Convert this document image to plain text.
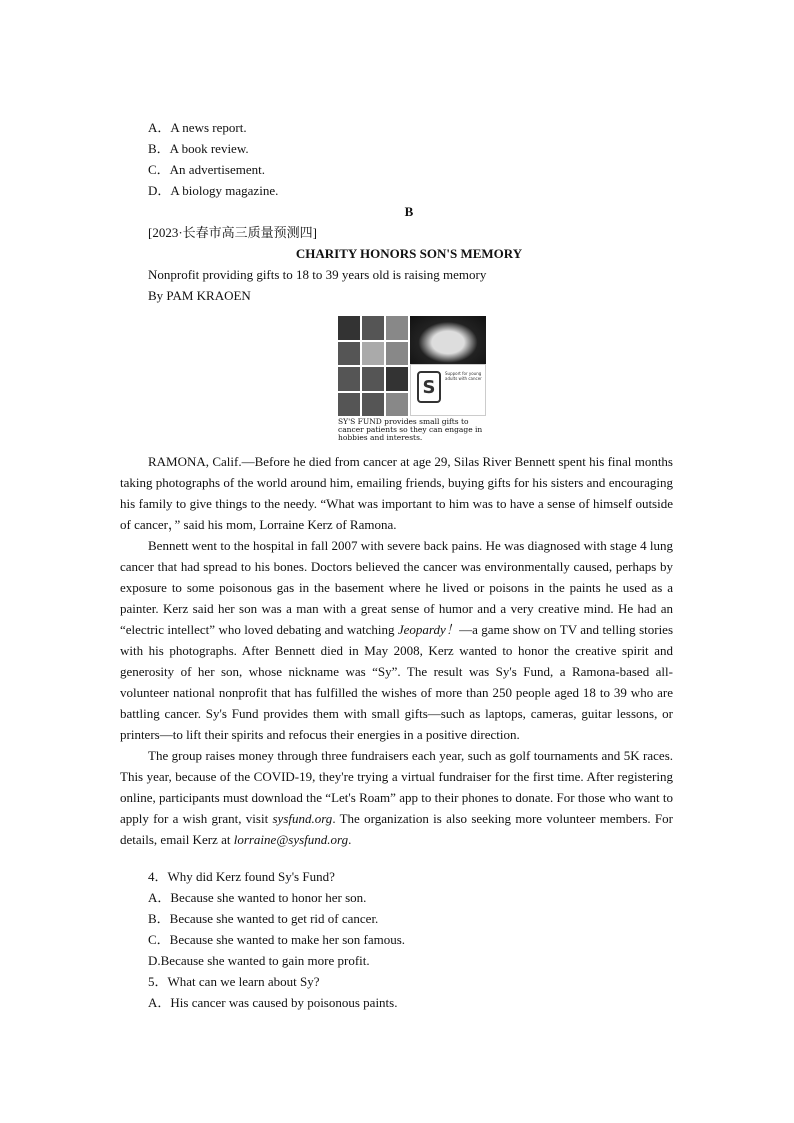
A．A news report.
B．A book review.
C．An advertisement.
D．A biology magazine.
B
[2023·长春市高三质量预测四]
CHARITY HONORS SON'S MEMORY
Nonprofit providing gifts to 18 to 39 years old is raising memory
By PAM KRAOEN
S
Support for young adults with cancer
SY'S FUND provides small gifts to cancer patients so they can engage in hobbies and interests.

RAMONA, Calif.—Before he died from cancer at age 29, Silas River Bennett spent his final months taking photographs of the world around him, emailing friends, buying gifts for his sisters and encouraging his family to give things to the needy. “What was important to him was to have a sense of himself outside of cancer，” said his mom, Lorraine Kerz of Ramona.

Bennett went to the hospital in fall 2007 with severe back pains. He was diagnosed with stage 4 lung cancer that had spread to his bones. Doctors believed the cancer was environmentally caused, perhaps by exposure to some poisonous gas in the basement where he lived or poisons in the paints he used as a painter. Kerz said her son was a man with a great sense of humor and a very creative mind. He had an “electric intellect” who loved debating and watching Jeopardy！—a game show on TV and telling stories with his photographs. After Bennett died in May 2008, Kerz wanted to honor the creative spirit and generosity of her son, whose nickname was “Sy”. The result was Sy's Fund, a Ramona-based all-volunteer national nonprofit that has fulfilled the wishes of more than 250 people aged 18 to 39 who are battling cancer. Sy's Fund provides them with small gifts—such as laptops, cameras, guitar lessons, or printers—to lift their spirits and refocus their energies in a positive direction.

The group raises money through three fundraisers each year, such as golf tournaments and 5K races. This year, because of the COVID-19, they're trying a virtual fundraiser for the first time. After registering online, participants must download the “Let's Roam” app to their phones to donate. For those who want to apply for a wish grant, visit sysfund.org. The organization is also seeking more volunteer members. For details, email Kerz at lorraine@sysfund.org.

4．Why did Kerz found Sy's Fund?
A．Because she wanted to honor her son.
B．Because she wanted to get rid of cancer.
C．Because she wanted to make her son famous.
D.Because she wanted to gain more profit.
5．What can we learn about Sy?
A．His cancer was caused by poisonous paints.
